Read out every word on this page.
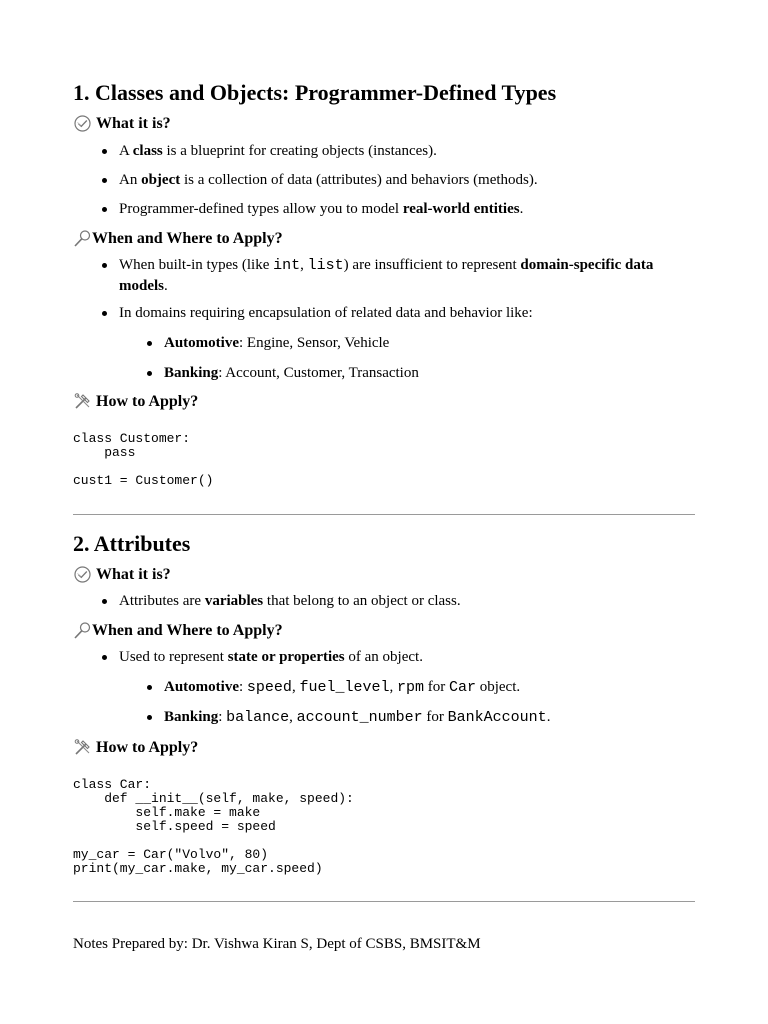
1. Classes and Objects: Programmer-Defined Types
What it is?
A class is a blueprint for creating objects (instances).
An object is a collection of data (attributes) and behaviors (methods).
Programmer-defined types allow you to model real-world entities.
When and Where to Apply?
When built-in types (like int, list) are insufficient to represent domain-specific data models.
In domains requiring encapsulation of related data and behavior like:
Automotive: Engine, Sensor, Vehicle
Banking: Account, Customer, Transaction
How to Apply?
class Customer:
pass

cust1 = Customer()
2. Attributes
What it is?
Attributes are variables that belong to an object or class.
When and Where to Apply?
Used to represent state or properties of an object.
Automotive: speed, fuel_level, rpm for Car object.
Banking: balance, account_number for BankAccount.
How to Apply?
class Car:
def __init__(self, make, speed):
self.make = make
self.speed = speed

my_car = Car("Volvo", 80)
print(my_car.make, my_car.speed)
Notes Prepared by: Dr. Vishwa Kiran S, Dept of CSBS, BMSIT&M
